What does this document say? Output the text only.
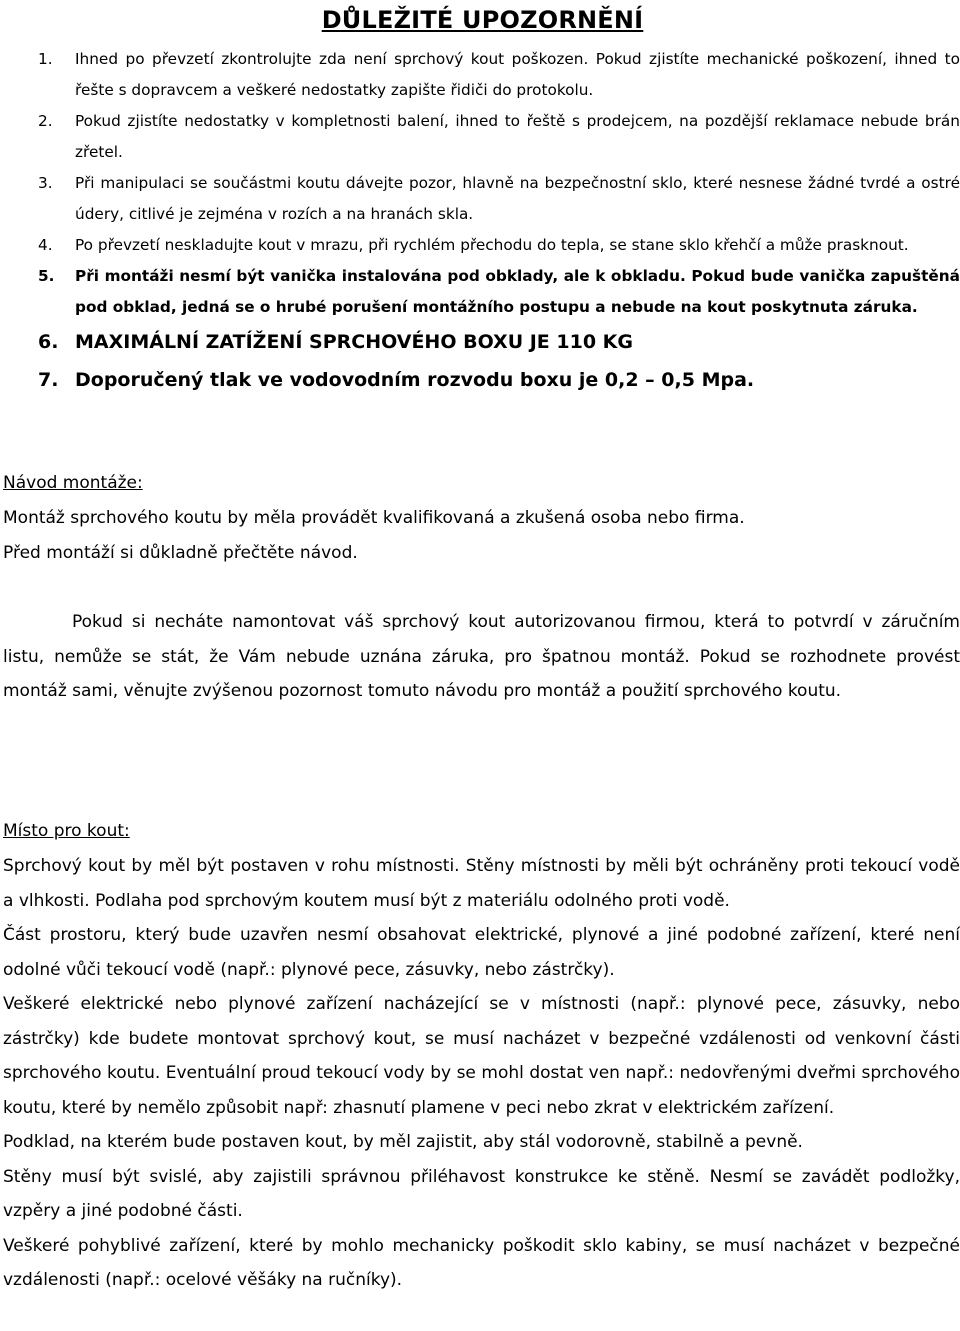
DŮLEŽITÉ UPOZORNĚNÍ
1. Ihned po převzetí zkontrolujte zda není sprchový kout poškozen. Pokud zjistíte mechanické poškození, ihned to řešte s dopravcem a veškeré nedostatky zapište řidiči do protokolu.
2. Pokud zjistíte nedostatky v kompletnosti balení, ihned to řeště s prodejcem, na pozdější reklamace nebude brán zřetel.
3. Při manipulaci se součástmi koutu dávejte pozor, hlavně na bezpečnostní sklo, které nesnese žádné tvrdé a ostré údery, citlivé je zejména v rozích a na hranách skla.
4. Po převzetí neskladujte kout v mrazu, při rychlém přechodu do tepla, se stane sklo křehčí a může prasknout.
5. Při montáži nesmí být vanička instalována pod obklady, ale k obkladu. Pokud bude vanička zapuštěná pod obklad, jedná se o hrubé porušení montážního postupu a nebude na kout poskytnuta záruka.
6. MAXIMÁLNÍ ZATÍŽENÍ SPRCHOVÉHO BOXU JE 110 KG
7. Doporučený tlak ve vodovodním rozvodu boxu je 0,2 – 0,5 Mpa.

Návod montáže:

Montáž sprchového koutu by měla provádět kvalifikovaná a zkušená osoba nebo firma.

Před montáží si důkladně přečtěte návod.

Pokud si necháte namontovat váš sprchový kout autorizovanou firmou, která to potvrdí v záručním listu, nemůže se stát, že Vám nebude uznána záruka, pro špatnou montáž. Pokud se rozhodnete provést montáž sami, věnujte zvýšenou pozornost tomuto návodu pro montáž a použití sprchového koutu.

Místo pro kout:

Sprchový kout by měl být postaven v rohu místnosti. Stěny místnosti by měli být ochráněny proti tekoucí vodě a vlhkosti. Podlaha pod sprchovým koutem musí být z materiálu odolného proti vodě.

Část prostoru, který bude uzavřen nesmí obsahovat elektrické, plynové a jiné podobné zařízení, které není odolné vůči tekoucí vodě (např.: plynové pece, zásuvky, nebo zástrčky).

Veškeré elektrické nebo plynové zařízení nacházející se v místnosti (např.: plynové pece, zásuvky, nebo zástrčky) kde budete montovat sprchový kout, se musí nacházet v bezpečné vzdálenosti od venkovní části sprchového koutu. Eventuální proud tekoucí vody by se mohl dostat ven např.: nedovřenými dveřmi sprchového koutu, které by nemělo způsobit např: zhasnutí plamene v peci nebo zkrat v elektrickém zařízení.

Podklad, na kterém bude postaven kout, by měl zajistit, aby stál vodorovně, stabilně a pevně.

Stěny musí být svislé, aby zajistili správnou přiléhavost konstrukce ke stěně. Nesmí se zavádět podložky, vzpěry a jiné podobné části.

Veškeré pohyblivé zařízení, které by mohlo mechanicky poškodit sklo kabiny, se musí nacházet v bezpečné vzdálenosti (např.: ocelové věšáky na ručníky).
